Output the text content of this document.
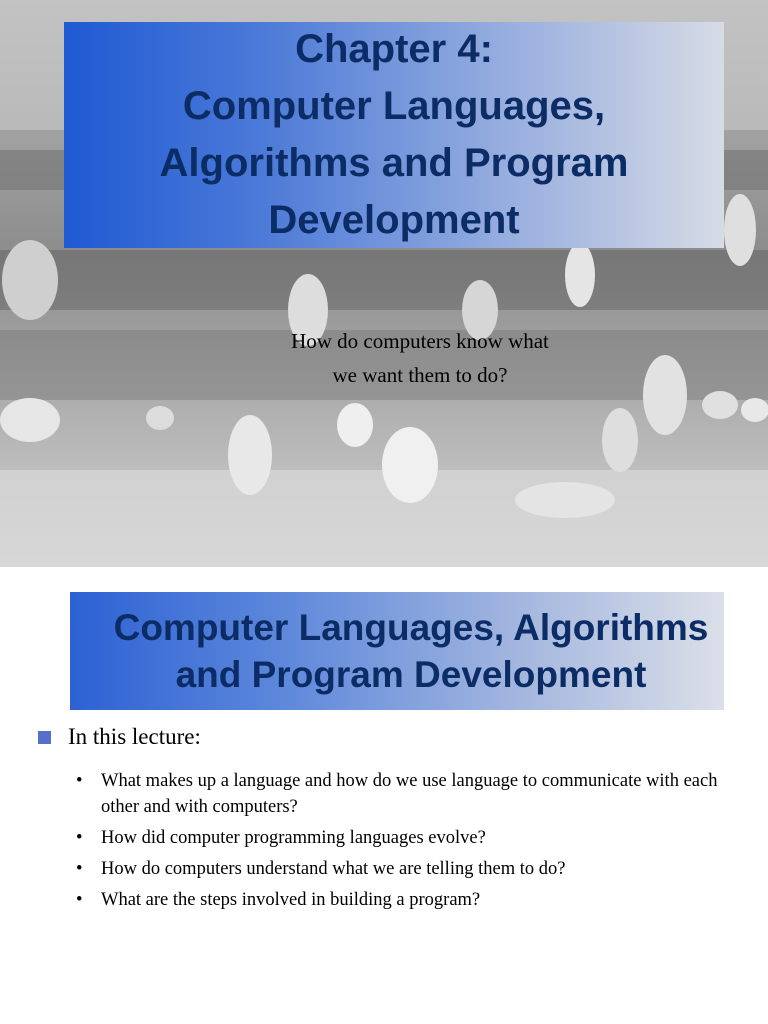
Chapter 4:
Computer Languages,
Algorithms and Program
Development
How do computers know what
we want them to do?
Computer Languages, Algorithms
and Program Development
In this lecture:
• What makes up a language and how do we use language to communicate with each other and with computers?
• How did computer programming languages evolve?
• How do computers understand what we are telling them to do?
• What are the steps involved in building a program?
